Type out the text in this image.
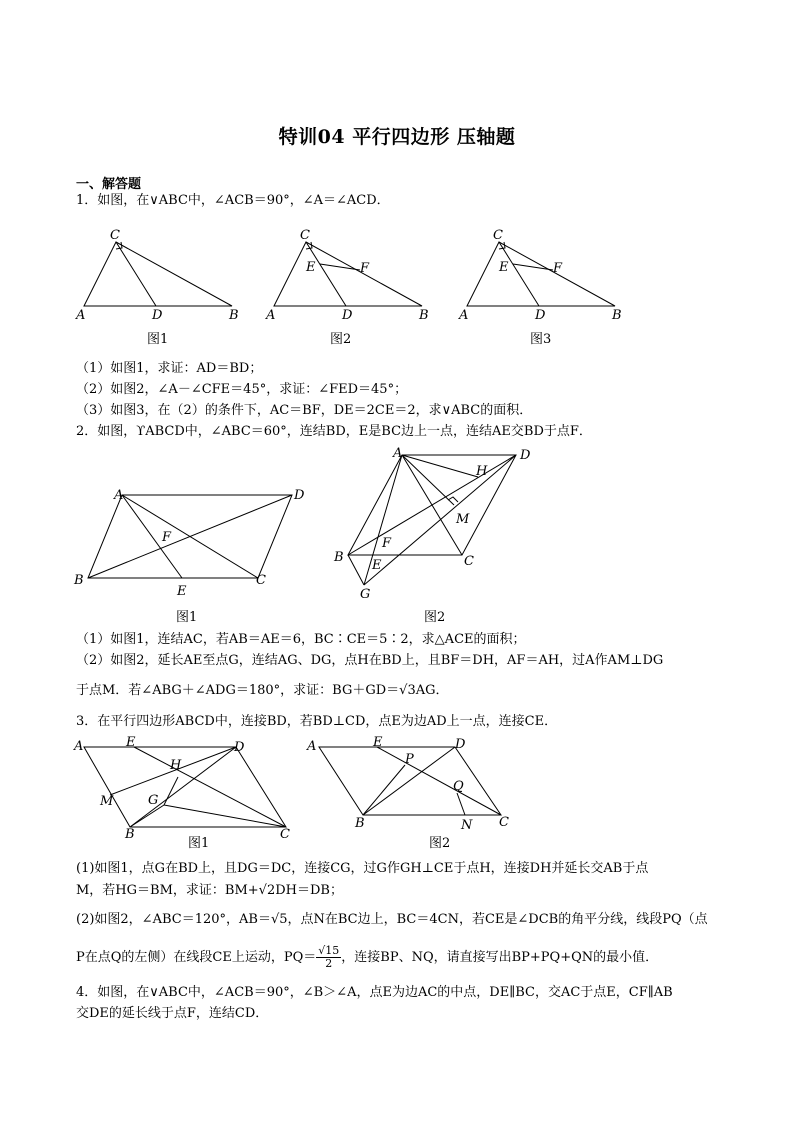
特训04 平行四边形 压轴题
一、解答题
1．如图，在∨ABC中，∠ACB＝90°，∠A＝∠ACD．
C
A	D	B
图1
C
E	F
A	D	B
图2
C
E	F
A	D	B
图3
（1）如图1，求证：AD＝BD；
（2）如图2，∠A－∠CFE＝45°，求证：∠FED＝45°；
（3）如图3，在（2）的条件下，AC＝BF，DE＝2CE＝2，求∨ABC的面积．
2．如图，ϒABCD中，∠ABC＝60°，连结BD，E是BC边上一点，连结AE交BD于点F．
A	D
F
B
E
C
图1
A	D
H
M
F
B
E	C
G
图2
（1）如图1，连结AC，若AB＝AE＝6，BC∶CE＝5∶2，求△ACE的面积；
（2）如图2，延长AE至点G，连结AG、DG，点H在BD上，且BF＝DH，AF＝AH，过A作AM⊥DG
于点M．若∠ABG＋∠ADG＝180°，求证：BG＋GD＝√3AG．
3．在平行四边形ABCD中，连接BD，若BD⊥CD，点E为边AD上一点，连接CE．
A	E	D
H
M	G
B	C
图1
A	E	D
P
Q
B	N C
图2
(1)如图1，点G在BD上，且DG＝DC，连接CG，过G作GH⊥CE于点H，连接DH并延长交AB于点
M，若HG＝BM，求证：BM+√2DH＝DB；
(2)如图2，∠ABC＝120°，AB＝√5，点N在BC边上，BC＝4CN，若CE是∠DCB的角平分线，线段PQ（点
P在点Q的左侧）在线段CE上运动，$PQ= \frac{√15}{2}$ ，连接BP、NQ，请直接写出BP+PQ+QN的最小值．
4．如图，在∨ABC中，∠ACB＝90°，∠B＞∠A，点E为边AC的中点，DE∥BC，交AC于点E，CF∥AB
交DE的延长线于点F，连结CD．
